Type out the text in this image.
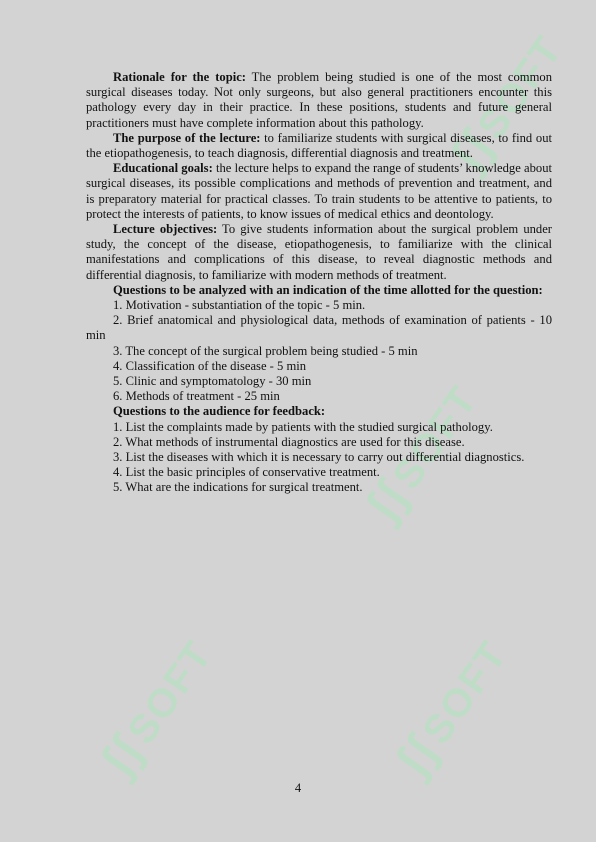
ʃʃSOFT
ʃʃSOFT
ʃʃSOFT
ʃʃSOFT

Rationale for the topic: The problem being studied is one of the most common surgical diseases today. Not only surgeons, but also general practitioners encounter this pathology every day in their practice. In these positions, students and future general practitioners must have complete information about this pathology.

The purpose of the lecture: to familiarize students with surgical diseases, to find out the etiopathogenesis, to teach diagnosis, differential diagnosis and treatment.

Educational goals: the lecture helps to expand the range of students’ knowledge about surgical diseases, its possible complications and methods of prevention and treatment, and is preparatory material for practical classes. To train students to be attentive to patients, to protect the interests of patients, to know issues of medical ethics and deontology.

Lecture objectives: To give students information about the surgical problem under study, the concept of the disease, etiopathogenesis, to familiarize with the clinical manifestations and complications of this disease, to reveal diagnostic methods and differential diagnosis, to familiarize with modern methods of treatment.

Questions to be analyzed with an indication of the time allotted for the question:

1. Motivation - substantiation of the topic - 5 min.

2. Brief anatomical and physiological data, methods of examination of patients - 10 min

3. The concept of the surgical problem being studied - 5 min

4. Classification of the disease - 5 min

5. Clinic and symptomatology - 30 min

6. Methods of treatment - 25 min

Questions to the audience for feedback:

1. List the complaints made by patients with the studied surgical pathology.

2. What methods of instrumental diagnostics are used for this disease.

3. List the diseases with which it is necessary to carry out differential diagnostics.

4. List the basic principles of conservative treatment.

5. What are the indications for surgical treatment.

4
